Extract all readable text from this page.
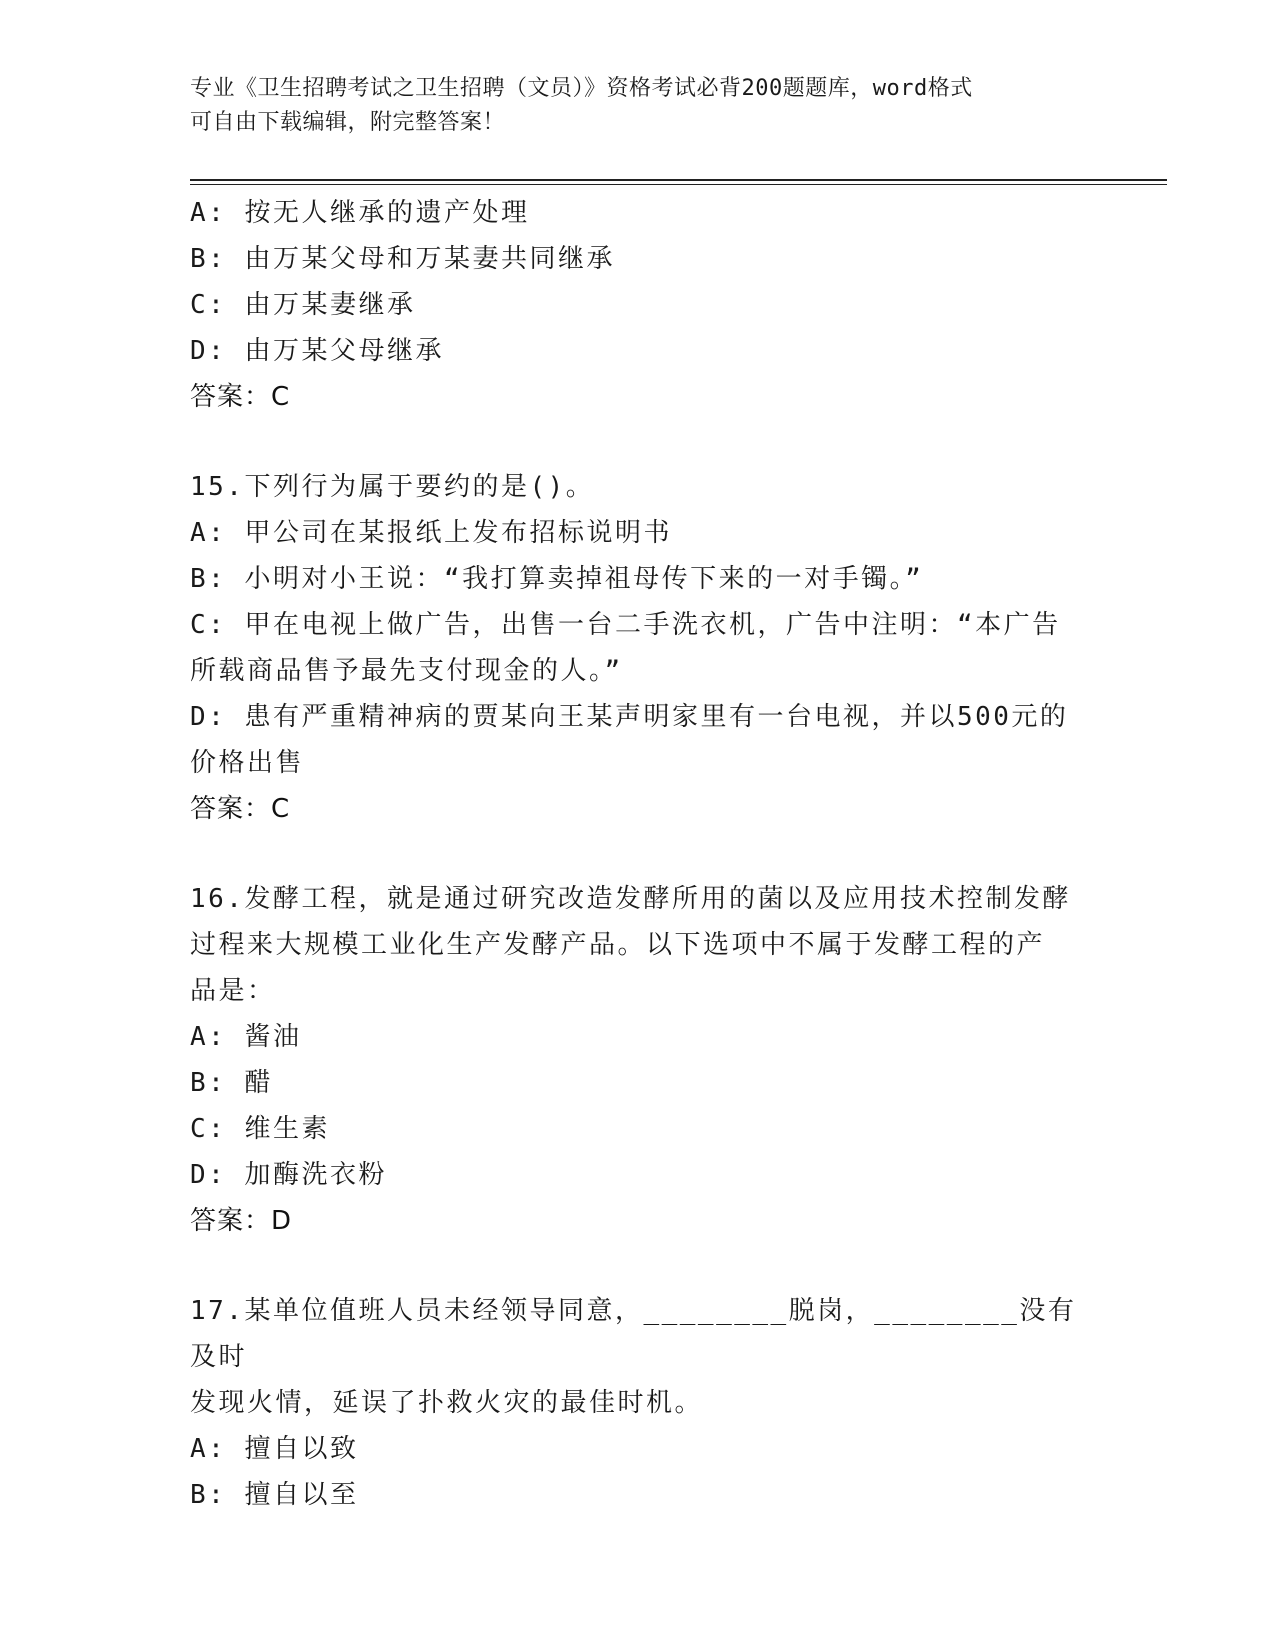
专业《卫生招聘考试之卫生招聘（文员）》资格考试必背200题题库，word格式
可自由下载编辑，附完整答案！
A: 按无人继承的遗产处理
B: 由万某父母和万某妻共同继承
C: 由万某妻继承
D: 由万某父母继承
答案：C
15.下列行为属于要约的是()。
A: 甲公司在某报纸上发布招标说明书
B: 小明对小王说：“我打算卖掉祖母传下来的一对手镯。”
C: 甲在电视上做广告，出售一台二手洗衣机，广告中注明：“本广告
所载商品售予最先支付现金的人。”
D: 患有严重精神病的贾某向王某声明家里有一台电视，并以500元的
价格出售
答案：C
16.发酵工程，就是通过研究改造发酵所用的菌以及应用技术控制发酵
过程来大规模工业化生产发酵产品。以下选项中不属于发酵工程的产
品是：
A: 酱油
B: 醋
C: 维生素
D: 加酶洗衣粉
答案：D
17.某单位值班人员未经领导同意，________脱岗，________没有及时
发现火情，延误了扑救火灾的最佳时机。
A: 擅自以致
B: 擅自以至
